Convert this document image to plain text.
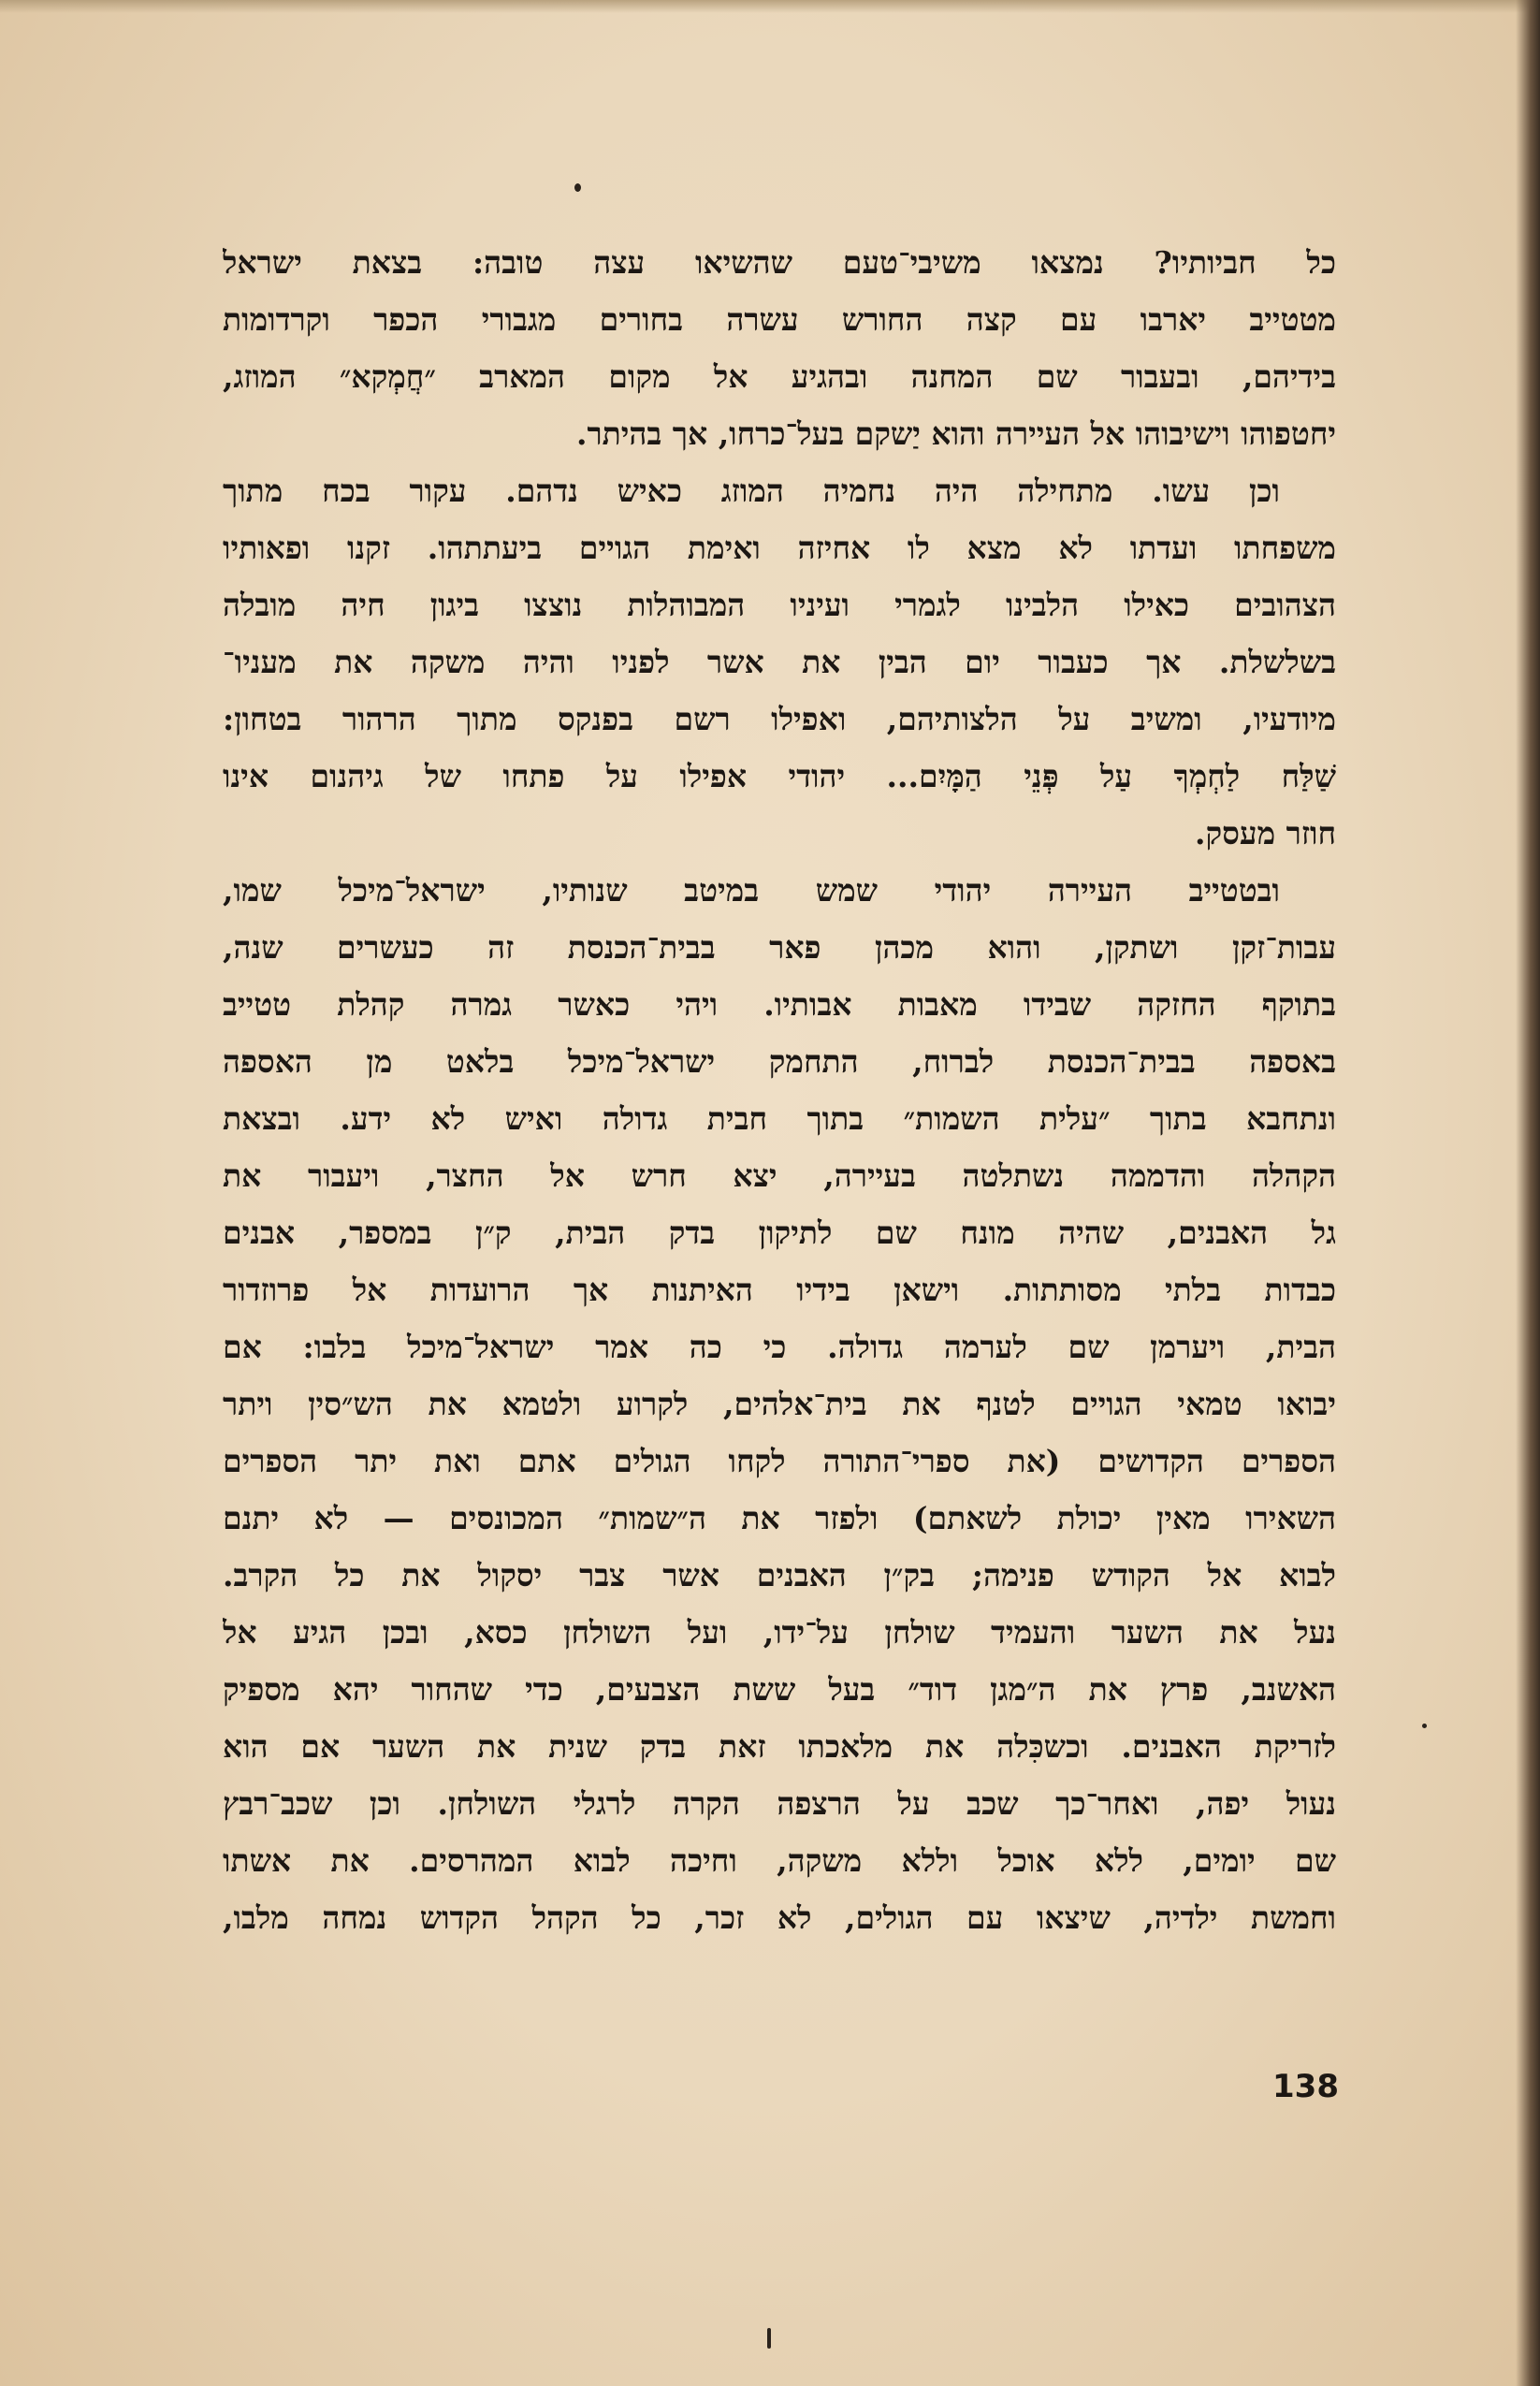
כל חביותיו? נמצאו משיבי־טעם שהשיאו עצה טובה: בצאת ישראל
מטטייב יארבו עם קצה החורש עשרה בחורים מגבורי הכפר וקרדומות
בידיהם, ובעבור שם המחנה ובהגיע אל מקום המארב ״חֲמְקא״ המוזג,
יחטפוהו וישיבוהו אל העיירה והוא יַשקם בעל־כרחו, אך בהיתר.
וכן עשו. מתחילה היה נחמיה המוזג כאיש נדהם. עקור בכח מתוך
משפחתו ועדתו לא מצא לו אחיזה ואימת הגויים ביעתתהו. זקנו ופאותיו
הצהובים כאילו הלבינו לגמרי ועיניו המבוהלות נוצצו ביגון חיה מובלה
בשלשלת. אך כעבור יום הבין את אשר לפניו והיה משקה את מעניו־
מיודעיו, ומשיב על הלצותיהם, ואפילו רשם בפנקס מתוך הרהור בטחון:
שַׁלַּח לַחְמְךָ עַל פְּנֵי הַמָּיִם... יהודי אפילו על פתחו של גיהנום אינו
חוזר מעסק.
ובטטייב העיירה יהודי שמש במיטב שנותיו, ישראל־מיכל שמו,
עבות־זקן ושתקן, והוא מכהן פאר בבית־הכנסת זה כעשרים שנה,
בתוקף החזקה שבידו מאבות אבותיו. ויהי כאשר גמרה קהלת טטייב
באספה בבית־הכנסת לברוח, התחמק ישראל־מיכל בלאט מן האספה
ונתחבא בתוך ״עלית השמות״ בתוך חבית גדולה ואיש לא ידע. ובצאת
הקהלה והדממה נשתלטה בעיירה, יצא חרש אל החצר, ויעבור את
גל האבנים, שהיה מונח שם לתיקון בדק הבית, ק״ן במספר, אבנים
כבדות בלתי מסותתות. וישאן בידיו האיתנות אך הרועדות אל פרוזדור
הבית, ויערמן שם לערמה גדולה. כי כה אמר ישראל־מיכל בלבו: אם
יבואו טמאי הגויים לטנף את בית־אלהים, לקרוע ולטמא את הש״סין ויתר
הספרים הקדושים (את ספרי־התורה לקחו הגולים אתם ואת יתר הספרים
השאירו מאין יכולת לשאתם) ולפזר את ה״שמות״ המכונסים — לא יתנם
לבוא אל הקודש פנימה; בק״ן האבנים אשר צבר יסקול את כל הקרב.
נעל את השער והעמיד שולחן על־ידו, ועל השולחן כסא, ובכן הגיע אל
האשנב, פרץ את ה״מגן דוד״ בעל ששת הצבעים, כדי שהחור יהא מספיק
לזריקת האבנים. וכשכִּלה את מלאכתו זאת בדק שנית את השער אם הוא
נעול יפה, ואחר־כך שכב על הרצפה הקרה לרגלי השולחן. וכן שכב־רבץ
שם יומים, ללא אוכל וללא משקה, וחיכה לבוא המהרסים. את אשתו
וחמשת ילדיה, שיצאו עם הגולים, לא זכר, כל הקהל הקדוש נמחה מלבו,
138
